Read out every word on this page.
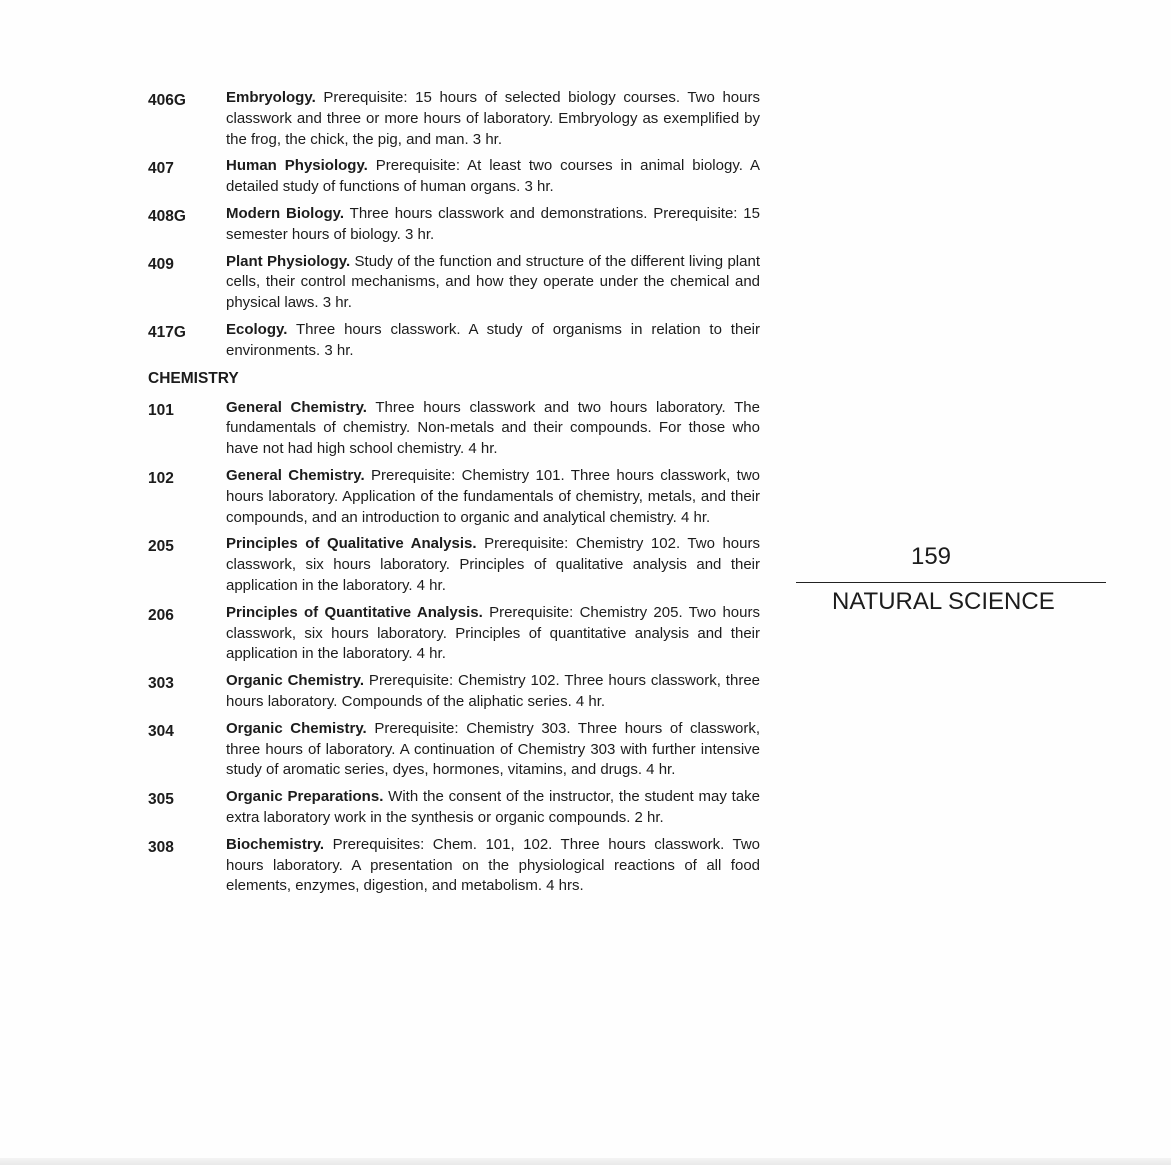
406G	Embryology. Prerequisite: 15 hours of selected biology courses. Two hours classwork and three or more hours of laboratory. Embryology as exemplified by the frog, the chick, the pig, and man. 3 hr.
407	Human Physiology. Prerequisite: At least two courses in animal biology. A detailed study of functions of human organs. 3 hr.
408G	Modern Biology. Three hours classwork and demonstrations. Prerequisite: 15 semester hours of biology. 3 hr.
409	Plant Physiology. Study of the function and structure of the different living plant cells, their control mechanisms, and how they operate under the chemical and physical laws. 3 hr.
417G	Ecology. Three hours classwork. A study of organisms in relation to their environments. 3 hr.
CHEMISTRY
101	General Chemistry. Three hours classwork and two hours laboratory. The fundamentals of chemistry. Non-metals and their compounds. For those who have not had high school chemistry. 4 hr.
102	General Chemistry. Prerequisite: Chemistry 101. Three hours classwork, two hours laboratory. Application of the fundamentals of chemistry, metals, and their compounds, and an introduction to organic and analytical chemistry. 4 hr.
205	Principles of Qualitative Analysis. Prerequisite: Chemistry 102. Two hours classwork, six hours laboratory. Principles of qualitative analysis and their application in the laboratory. 4 hr.
206	Principles of Quantitative Analysis. Prerequisite: Chemistry 205. Two hours classwork, six hours laboratory. Principles of quantitative analysis and their application in the laboratory. 4 hr.
303	Organic Chemistry. Prerequisite: Chemistry 102. Three hours classwork, three hours laboratory. Compounds of the aliphatic series. 4 hr.
304	Organic Chemistry. Prerequisite: Chemistry 303. Three hours of classwork, three hours of laboratory. A continuation of Chemistry 303 with further intensive study of aromatic series, dyes, hormones, vitamins, and drugs. 4 hr.
305	Organic Preparations. With the consent of the instructor, the student may take extra laboratory work in the synthesis or organic compounds. 2 hr.
308	Biochemistry. Prerequisites: Chem. 101, 102. Three hours classwork. Two hours laboratory. A presentation on the physiological reactions of all food elements, enzymes, digestion, and metabolism. 4 hrs.
159
NATURAL SCIENCE
